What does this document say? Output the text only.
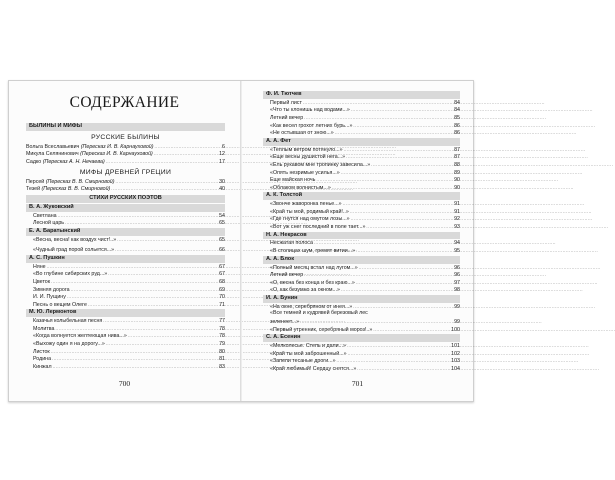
СОДЕРЖАНИЕ
БЫЛИНЫ И МИФЫ
РУССКИЕ БЫЛИНЫ
Вольга Всеславьевич (Пересказ И. В. Карнауховой) .....	6
Микула Селянинович (Пересказ И. В. Карнауховой) .....	12
Садко (Пересказ А. Н. Нечаева) .....	17
МИФЫ ДРЕВНЕЙ ГРЕЦИИ
Персей (Пересказ В. В. Смирновой) .....	30
Тезей (Пересказ В. В. Смирновой) .....	40
СТИХИ РУССКИХ ПОЭТОВ
В. А. Жуковский
Светлана .....	54
Лесной царь .....	65
Е. А. Баратынский
«Весна, весна! как воздух чист!..» .....	65
«Чудный град порой сольется...» .....	66
А. С. Пушкин
Няне .....	67
«Во глубине сибирских руд...» .....	67
Цветок .....	68
Зимняя дорога .....	69
И. И. Пущину .....	70
Песнь о вещем Олеге .....	71
М. Ю. Лермонтов
Казачья колыбельная песня .....	77
Молитва .....	78
«Когда волнуется желтеющая нива...» .....	78
«Выхожу один я на дорогу...» .....	79
Листок .....	80
Родина .....	81
Кинжал .....	83
700
Ф. И. Тютчев
Первый лист .....	84
«Что ты клонишь над водами...» .....	84
Летний вечер .....	85
«Как весел грохот летних бурь...» .....	86
«Не остывшая от зною...» .....	86
А. А. Фет
«Теплым ветром потянуло...» .....	87
«Еще весны душистой нега...» .....	87
«Ель рукавом мне тропинку завесила...» .....	88
«Опять незримые усилья...» .....	89
Еще майская ночь .....	90
«Облаком волнистым...» .....	90
А. К. Толстой
«Звонче жаворонка пенье...» .....	91
«Край ты мой, родимый край!..» .....	91
«Где гнутся над омутом лозы...» .....	92
«Вот уж снег последний в поле тает...» .....	93
Н. А. Некрасов
Несжатая полоса .....	94
«В столицах шум, гремят витии...» .....	95
А. А. Блок
«Полный месяц встал над лугом...» .....	96
Летний вечер .....	96
«О, весна без конца и без краю...» .....	97
«О, как безумно за окном...» .....	98
И. А. Бунин
«На окне, серебряном от инея...» .....	99
«Все темней и кудрявей березовый лес
зеленеет...» .....	99
«Первый утренник, серебряный мороз!..» .....	100
С. А. Есенин
«Мелколесье. Степь и дали...» .....	101
«Край ты мой заброшенный...» .....	102
«Запели тесаные дроги...» .....	103
«Край любимый! Сердцу снятся...» .....	104
701
